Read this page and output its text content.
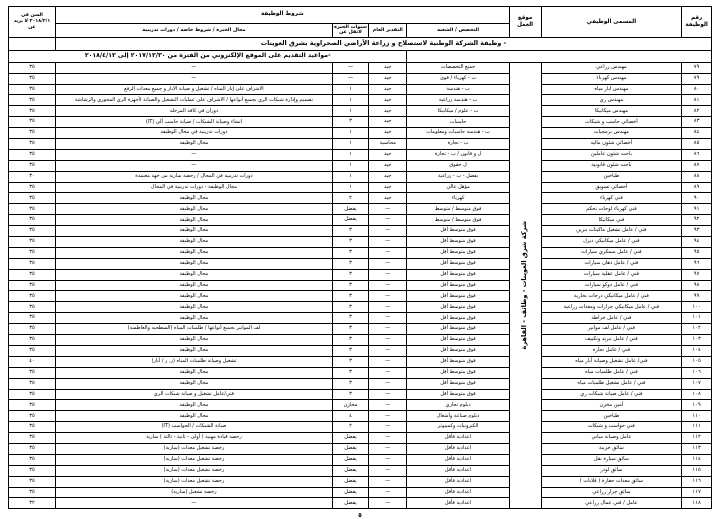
رقم الوظيفة	المسمى الوظيفي	موقع العمل	شروط الوظيفة				السن في ٢٠١٨/٢/١ لا يزيد عن
			التخصص / الشعبة	التقدير العام	سنوات الخبرة لاتقل عن	مجال الخبرة / شروط خاصة / دورات تدريبية	
- وظيفة الشركة الوطنية لاستصلاح و زراعة الأراضي الصحراوية بشرق العوينات							
				-مواعيد التقديم على الموقع الإلكتروني من الفترة من ٢٠١٧/١٢/٣٠ إلى ٢٠١٨/٤/١٢			
٧٩	مهندس زراعي	شركة شرق العوينات - وظائف - القاهرة	جميع التخصصات	جيد	—	—	٣٥
٧٩	مهندس كهرباء		ب - كهرباء / قوى	جيد	—	—	٣٥
٨٠	مهندس ابار مياه		ب - هندسة	جيد	١	الاشراف على إبار المياه / تشغيل و صيانة الابار و جميع معدات الرفع	٣٥
٨١	مهندس ري		ب - هندسة زراعية	جيد	١	تصميم وإدارة شبكات الري بجميع أنواعها / الاشراف على عمليات التشغيل والصيانة لأجهزة الري المحوري والرشاشة	٣٥
٨٢	مهندس ميكانيكا		ب - علوم / ميكانيكا	جيد	١	دوران في كافة المرحلة	٣٥
٨٣	أخصائي حاسب و شبكات		حاسبات	جيد	٣	انشاء وصيانة الشبكات / صيانة حاسب آلي (IT)	٣٥
٨٤	مهندس برمجيات		ب - هندسة حاسبات ومعلومات	جيد	١	دورات تدريبية في مجال الوظيفة	٣٥
٨٥	أخصائي شئون مالية		ب - تجارة	محاسبة	١	مجال الوظيفة	٣٥
٨٦	باحث شئون عاملين		ل و قانون / ب - تجارة	جيد	١	—	٣٥
٨٧	باحث شئون قانونية		ل حقوق	جيد	١	—	٣٥
٨٨	طباخين		يفضل - ب - زراعية	جيد	١	دورات تدريبية في المجال / رخصة سارية من جهة معتمدة	٣٠
٨٩	أخصائي تسويق		مؤهل عالي	جيد	١	مجال الوظيفة - دورات تدريبية في المجال	٣٥
٩٠	فني كهرباء		كهرباء	جيد	٢	مجال الوظيفة	٣٥
٩١	فني كهرباء لوحات تحكم		فوق متوسط / متوسط	—	يفضل	مجال الوظيفة	٣٥
٩٢	فني ميكانيكا		فوق متوسط / متوسط	—	يفضل	مجال الوظيفة	٣٥
٩٣	فني / عامل تشغيل ماكينات بنزين		فوق متوسط أقل	—	٣	مجال الوظيفة	٣٥
٩٤	فني / عامل ميكانيكي ديزل		فوق متوسط أقل	—	٣	مجال الوظيفة	٣٥
٩٥	فني / عامل سمكري سيارات		فوق متوسط أقل	—	٣	مجال الوظيفة	٣٥
٩٦	فني / عامل دهان سيارات		فوق متوسط أقل	—	٣	مجال الوظيفة	٣٥
٩٧	فني / عامل عقلية سيارات		فوق متوسط أقل	—	٣	مجال الوظيفة	٣٥
٩٨	فني / عامل دوكو سيارات		فوق متوسط أقل	—	٣	مجال الوظيفة	٣٥
٩٩	فني / عامل ميكانيكي درجات بخارية		فوق متوسط أقل	—	٣	مجال الوظيفة	٣٥
١٠٠	فني / عامل ميكانيكي جرارات ومعدات زراعية		فوق متوسط أقل	—	٣	مجال الوظيفة	٣٥
١٠١	فني / عامل خراطة		فوق متوسط أقل	—	٣	مجال الوظيفة	٣٥
١٠٢	فني / عامل لف مواتير		فوق متوسط أقل	—	٣	لف المواتير بجميع أنواعها / طلمبات المياه (السطحية والغاطسة)	٣٥
١٠٣	فني / عامل تبريد وتكييف		فوق متوسط أقل	—	٣	مجال الوظيفة	٣٥
١٠٤	فني / عامل نجارة		فوق متوسط أقل	—	٣	مجال الوظيفة	٣٥
١٠٥	فني/ عامل تشغيل وصيانة أبار مياه		فوق متوسط أقل	—	٣	تشغيل وصيانة طلمبات المياه (ر. ر / أبار)	٤٠
١٠٦	فني / عامل طلمبات مياه		فوق متوسط أقل	—	٣	مجال الوظيفة	٣٥
١٠٧	فني / عامل تشغيل طلمبات مياه		فوق متوسط أقل	—	٣	مجال الوظيفة	٣٥
١٠٨	فني / عامل صيانة شبكات ري		فوق متوسط أقل	—	٣	فني/عامل تشغيل و صيانة شبكات الري	٣٥
١٠٩	أمين مخزن		دبلوم تجاري	—	مخازن	مجال الوظيفة	٣٥
١١٠	طباخين		دبلوم صناعة وأشغال	—	٤	مجال الوظيفة	٣٥
١١١	فني حواسب و شبكات		الكترونيات وكمبيوتر	—	٢	صيانة الشبكات / الحواسب (IT)	٣٥
١١٢	عامل وصيانة مباني		اعدادية فأقل	—	يفضل	رخصة قيادة مهنية ( أولى - ثانية - ثالثة ) سارية	٣٥
١١٣	سائق خزينة		اعدادية فأقل	—	يفضل	رخصة تشغيل معدات (سارية)	٣٥
١١٤	سائق سيارة نقل		اعدادية فأقل	—	يفضل	رخصة تشغيل معدات (سارية)	٣٥
١١٥	سائق لودر		اعدادية فأقل	—	يفضل	رخصة تشغيل معدات (سارية)	٣٥
١١٦	سائق معدات حفارة ( قلابات )		اعدادية فأقل	—	يفضل	رخصة تشغيل معدات (سارية)	٣٥
١١٧	سائق جرار زراعي		اعدادية فأقل	—	يفضل	رخصة تشغيل (سارية)	٣٥
١١٨	عامل / فني عمال زراعي		اعدادية فأقل	—	يفضل	—	٣٢
٥
